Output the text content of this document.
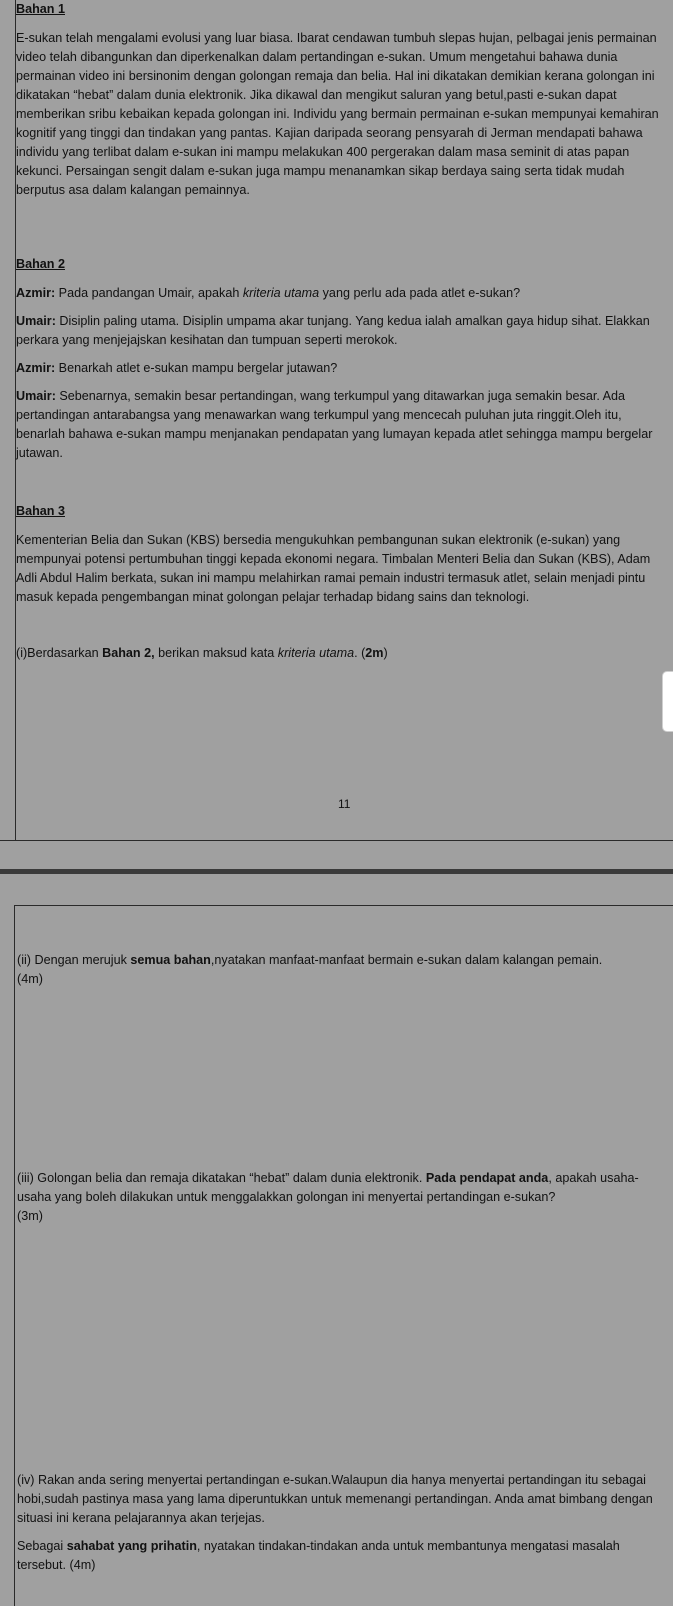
Bahan 1

E-sukan telah mengalami evolusi yang luar biasa. Ibarat cendawan tumbuh slepas hujan, pelbagai jenis permainan video telah dibangunkan dan diperkenalkan dalam pertandingan e-sukan. Umum mengetahui bahawa dunia permainan video ini bersinonim dengan golongan remaja dan belia. Hal ini dikatakan demikian kerana golongan ini dikatakan “hebat” dalam dunia elektronik. Jika dikawal dan mengikut saluran yang betul,pasti e-sukan dapat memberikan sribu kebaikan kepada golongan ini. Individu yang bermain permainan e-sukan mempunyai kemahiran kognitif yang tinggi dan tindakan yang pantas. Kajian daripada seorang pensyarah di Jerman mendapati bahawa individu yang terlibat dalam e-sukan ini mampu melakukan 400 pergerakan dalam masa seminit di atas papan kekunci. Persaingan sengit dalam e-sukan juga mampu menanamkan sikap berdaya saing serta tidak mudah berputus asa dalam kalangan pemainnya.

Bahan 2

Azmir: Pada pandangan Umair, apakah kriteria utama yang perlu ada pada atlet e-sukan?

Umair: Disiplin paling utama. Disiplin umpama akar tunjang. Yang kedua ialah amalkan gaya hidup sihat. Elakkan perkara yang menjejajskan kesihatan dan tumpuan seperti merokok.

Azmir: Benarkah atlet e-sukan mampu bergelar jutawan?

Umair: Sebenarnya, semakin besar pertandingan, wang terkumpul yang ditawarkan juga semakin besar. Ada pertandingan antarabangsa yang menawarkan wang terkumpul yang mencecah puluhan juta ringgit.Oleh itu, benarlah bahawa e-sukan mampu menjanakan pendapatan yang lumayan kepada atlet sehingga mampu bergelar jutawan.

Bahan 3

Kementerian Belia dan Sukan (KBS) bersedia mengukuhkan pembangunan sukan elektronik (e-sukan) yang mempunyai potensi pertumbuhan tinggi kepada ekonomi negara. Timbalan Menteri Belia dan Sukan (KBS), Adam Adli Abdul Halim berkata, sukan ini mampu melahirkan ramai pemain industri termasuk atlet, selain menjadi pintu masuk kepada pengembangan minat golongan pelajar terhadap bidang sains dan teknologi.

(i)Berdasarkan Bahan 2, berikan maksud kata kriteria utama. (2m)

11

(ii) Dengan merujuk semua bahan,nyatakan manfaat-manfaat bermain e-sukan dalam kalangan pemain.

(4m)

(iii) Golongan belia dan remaja dikatakan “hebat” dalam dunia elektronik. Pada pendapat anda, apakah usaha-usaha yang boleh dilakukan untuk menggalakkan golongan ini menyertai pertandingan e-sukan?

(3m)

(iv) Rakan anda sering menyertai pertandingan e-sukan.Walaupun dia hanya menyertai pertandingan itu sebagai hobi,sudah pastinya masa yang lama diperuntukkan untuk memenangi pertandingan. Anda amat bimbang dengan situasi ini kerana pelajarannya akan terjejas.

Sebagai sahabat yang prihatin, nyatakan tindakan-tindakan anda untuk membantunya mengatasi masalah tersebut. (4m)
